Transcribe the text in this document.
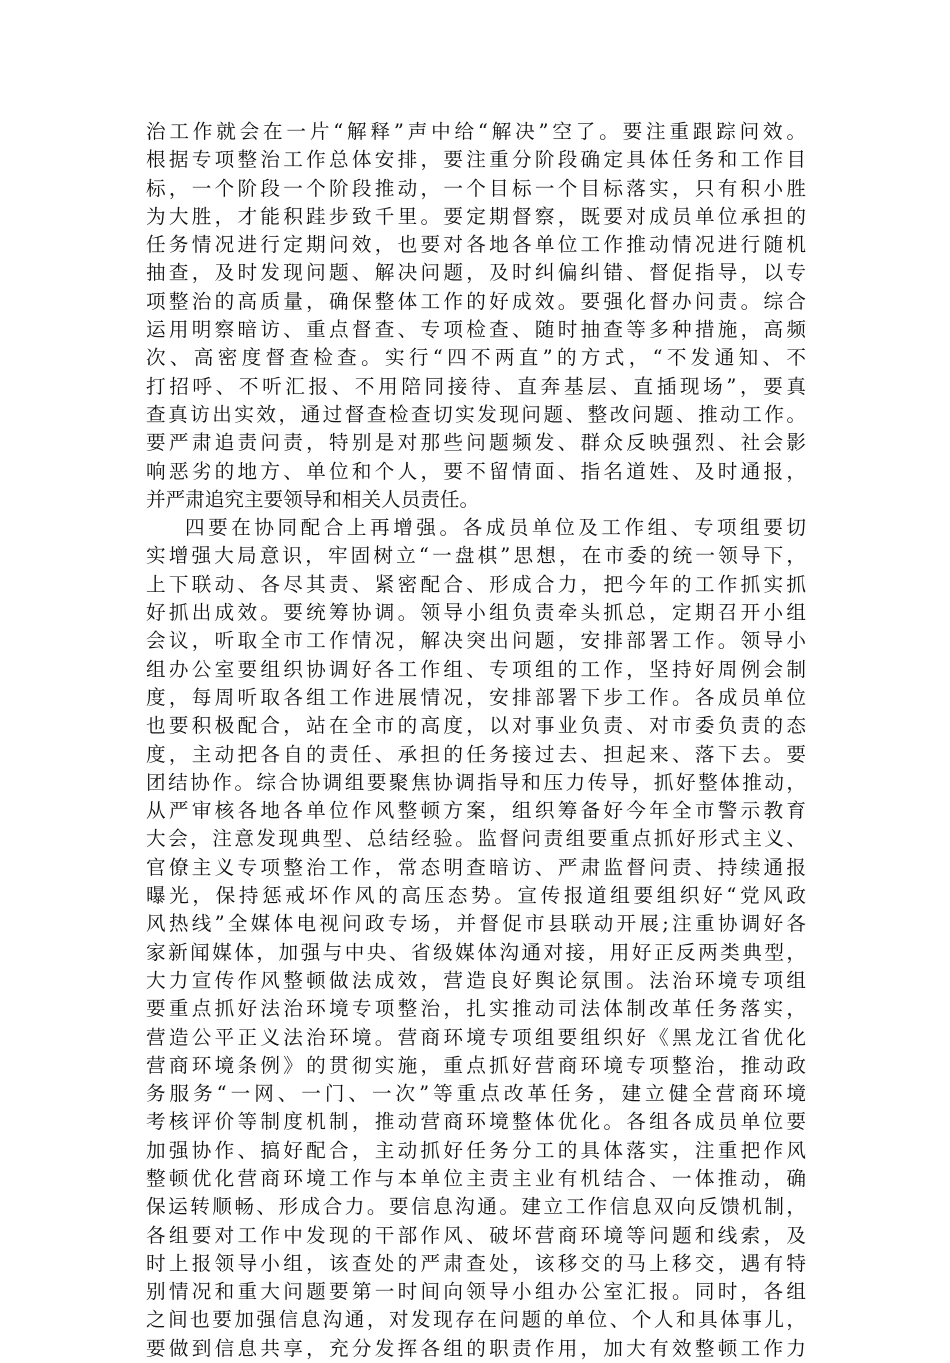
治工作就会在一片“解释”声中给“解决”空了。要注重跟踪问效。
根据专项整治工作总体安排，要注重分阶段确定具体任务和工作目
标，一个阶段一个阶段推动，一个目标一个目标落实，只有积小胜
为大胜，才能积跬步致千里。要定期督察，既要对成员单位承担的
任务情况进行定期问效，也要对各地各单位工作推动情况进行随机
抽查，及时发现问题、解决问题，及时纠偏纠错、督促指导，以专
项整治的高质量，确保整体工作的好成效。要强化督办问责。综合
运用明察暗访、重点督查、专项检查、随时抽查等多种措施，高频
次、高密度督查检查。实行“四不两直”的方式，“不发通知、不
打招呼、不听汇报、不用陪同接待、直奔基层、直插现场”，要真
查真访出实效，通过督查检查切实发现问题、整改问题、推动工作。
要严肃追责问责，特别是对那些问题频发、群众反映强烈、社会影
响恶劣的地方、单位和个人，要不留情面、指名道姓、及时通报，
并严肃追究主要领导和相关人员责任。
四要在协同配合上再增强。各成员单位及工作组、专项组要切
实增强大局意识，牢固树立“一盘棋”思想，在市委的统一领导下，
上下联动、各尽其责、紧密配合、形成合力，把今年的工作抓实抓
好抓出成效。要统筹协调。领导小组负责牵头抓总，定期召开小组
会议，听取全市工作情况，解决突出问题，安排部署工作。领导小
组办公室要组织协调好各工作组、专项组的工作，坚持好周例会制
度，每周听取各组工作进展情况，安排部署下步工作。各成员单位
也要积极配合，站在全市的高度，以对事业负责、对市委负责的态
度，主动把各自的责任、承担的任务接过去、担起来、落下去。要
团结协作。综合协调组要聚焦协调指导和压力传导，抓好整体推动，
从严审核各地各单位作风整顿方案，组织筹备好今年全市警示教育
大会，注意发现典型、总结经验。监督问责组要重点抓好形式主义、
官僚主义专项整治工作，常态明查暗访、严肃监督问责、持续通报
曝光，保持惩戒坏作风的高压态势。宣传报道组要组织好“党风政
风热线”全媒体电视问政专场，并督促市县联动开展;注重协调好各
家新闻媒体，加强与中央、省级媒体沟通对接，用好正反两类典型，
大力宣传作风整顿做法成效，营造良好舆论氛围。法治环境专项组
要重点抓好法治环境专项整治，扎实推动司法体制改革任务落实，
营造公平正义法治环境。营商环境专项组要组织好《黑龙江省优化
营商环境条例》的贯彻实施，重点抓好营商环境专项整治，推动政
务服务“一网、一门、一次”等重点改革任务，建立健全营商环境
考核评价等制度机制，推动营商环境整体优化。各组各成员单位要
加强协作、搞好配合，主动抓好任务分工的具体落实，注重把作风
整顿优化营商环境工作与本单位主责主业有机结合、一体推动，确
保运转顺畅、形成合力。要信息沟通。建立工作信息双向反馈机制，
各组要对工作中发现的干部作风、破坏营商环境等问题和线索，及
时上报领导小组，该查处的严肃查处，该移交的马上移交，遇有特
别情况和重大问题要第一时间向领导小组办公室汇报。同时，各组
之间也要加强信息沟通，对发现存在问题的单位、个人和具体事儿，
要做到信息共享，充分发挥各组的职责作用，加大有效整顿工作力
